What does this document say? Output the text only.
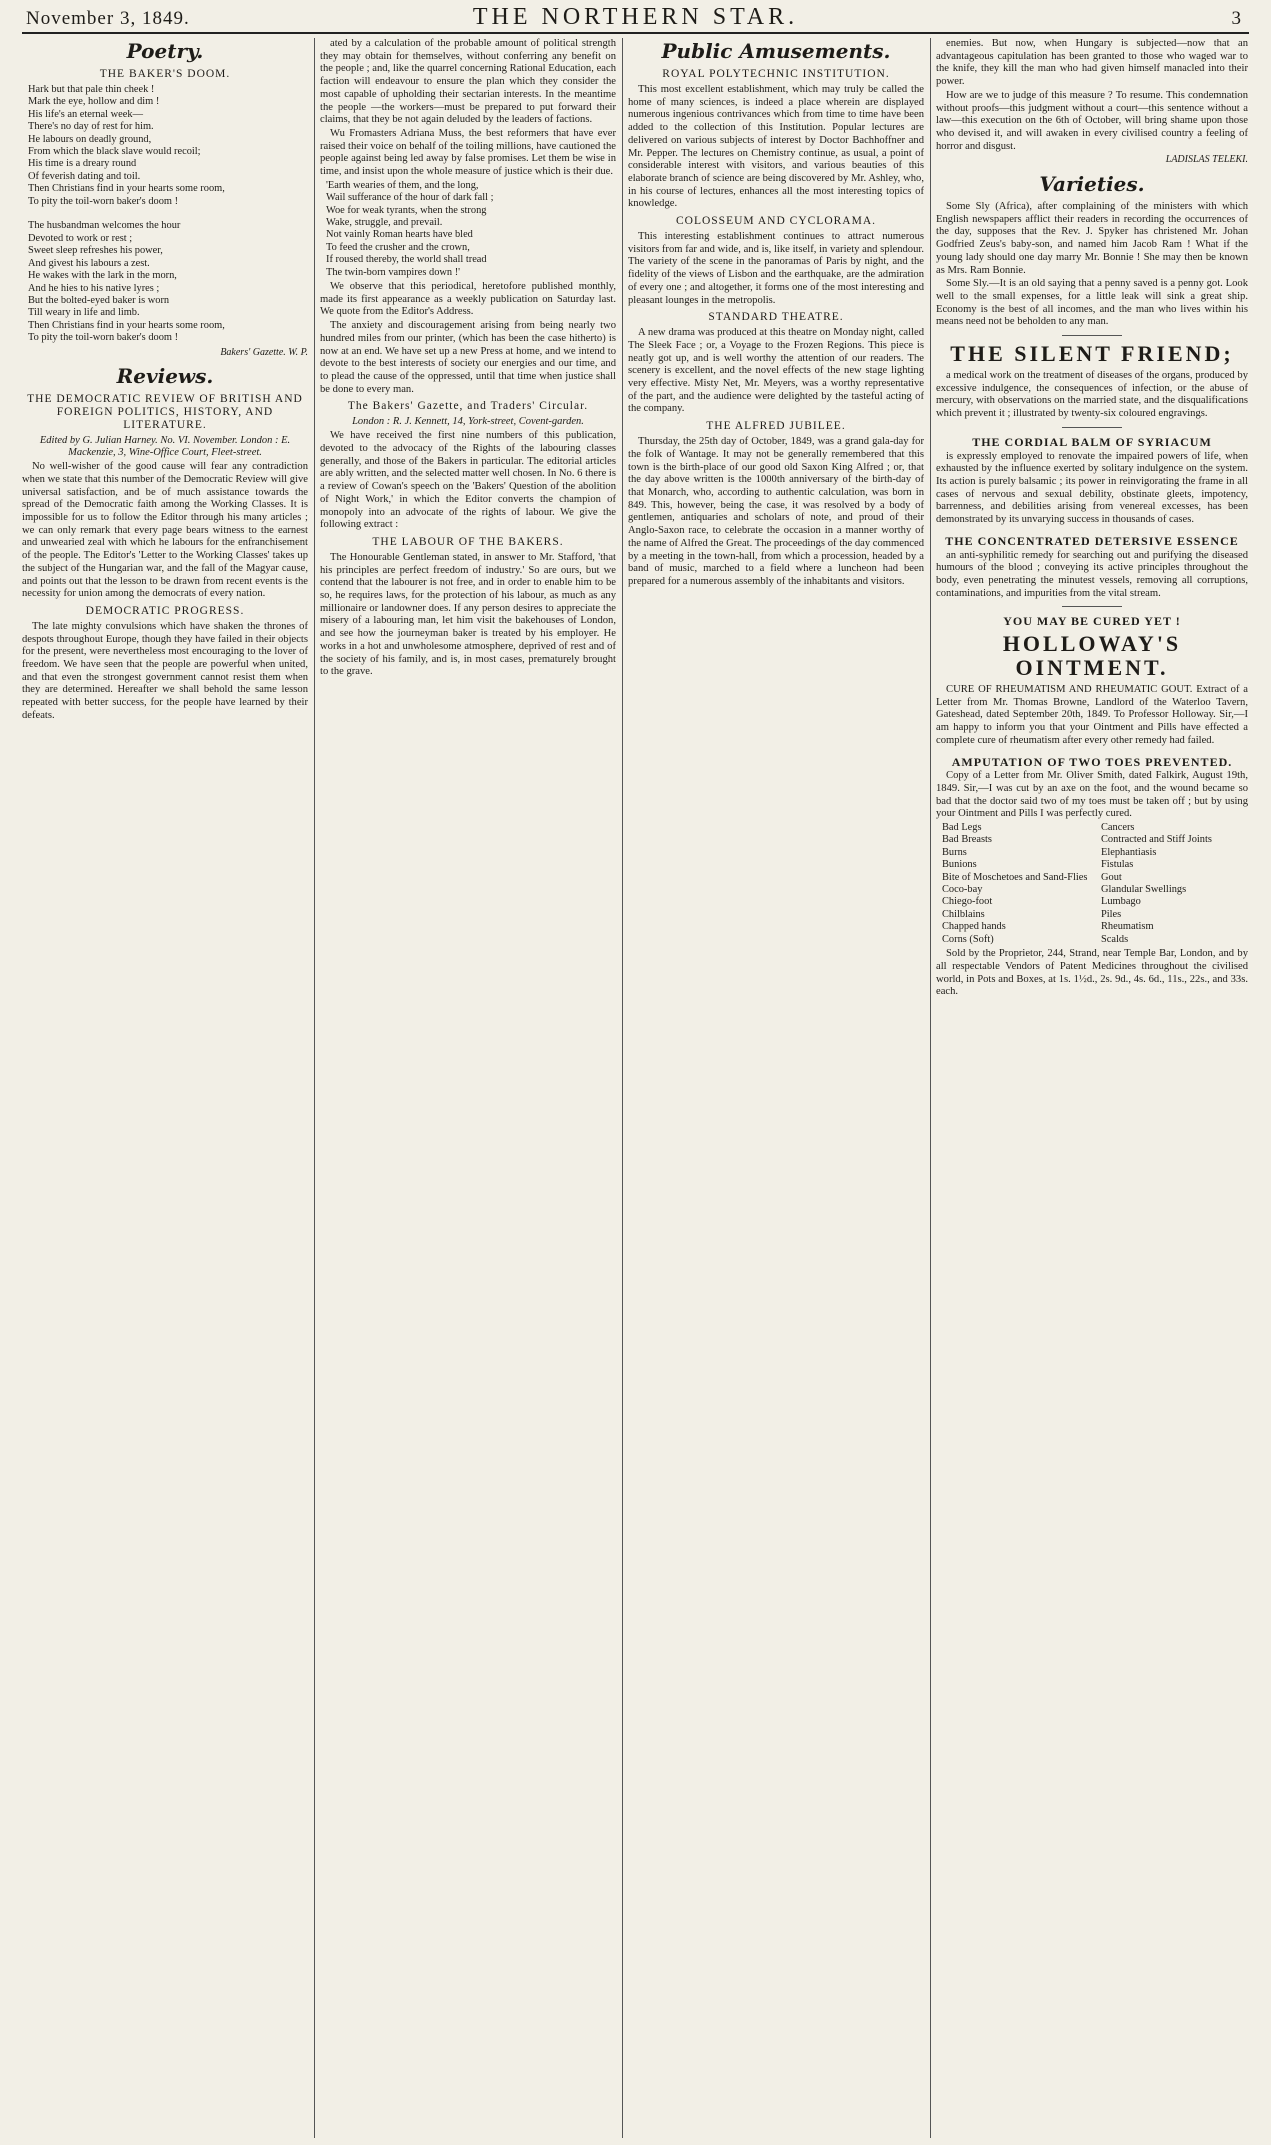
November 3, 1849.	THE NORTHERN STAR.	3
Poetry.
THE BAKER'S DOOM.
Hark but that pale thin cheek !
Mark the eye, hollow and dim !
His life's an eternal week—
There's no day of rest for him.
He labours on deadly ground,
From which the black slave would recoil;
His time is a dreary round
Of feverish dating and toil.
Then Christians find in your hearts some room,
To pity the toil-worn baker's doom !

The husbandman welcomes the hour
Devoted to work or rest ;
Sweet sleep refreshes his power,
And givest his labours a zest.
He wakes with the lark in the morn,
And he hies to his native lyres ;
But the bolted-eyed baker is worn
Till weary in life and limb.
Then Christians find in your hearts some room,
To pity the toil-worn baker's doom !
Bakers' Gazette. W. P.
Reviews.
THE DEMOCRATIC REVIEW OF BRITISH AND FOREIGN POLITICS, HISTORY, AND LITERATURE.
Edited by G. Julian Harney. No. VI. November. London : E. Mackenzie, 3, Wine-Office Court, Fleet-street.

No well-wisher of the good cause will fear any contradiction when we state that this number of the Democratic Review will give universal satisfaction, and be of much assistance towards the spread of the Democratic faith among the Working Classes. It is impossible for us to follow the Editor through his many articles ; we can only remark that every page bears witness to the earnest and unwearied zeal with which he labours for the enfranchisement of the people. The Editor's 'Letter to the Working Classes' takes up the subject of the Hungarian war, and the fall of the Magyar cause, and points out that the lesson to be drawn from recent events is the necessity for union among the democrats of every nation.

DEMOCRATIC PROGRESS.

The late mighty convulsions which have shaken the thrones of despots throughout Europe, though they have failed in their objects for the present, were nevertheless most encouraging to the lover of freedom. We have seen that the people are powerful when united, and that even the strongest government cannot resist them when they are determined. Hereafter we shall behold the same lesson repeated with better success, for the people have learned by their defeats.

ated by a calculation of the probable amount of political strength they may obtain for themselves, without conferring any benefit on the people ; and, like the quarrel concerning Rational Education, each faction will endeavour to ensure the plan which they consider the most capable of upholding their sectarian interests. In the meantime the people —the workers—must be prepared to put forward their claims, that they be not again deluded by the leaders of factions.

Wu Fromasters Adriana Muss, the best reformers that have ever raised their voice on behalf of the toiling millions, have cautioned the people against being led away by false promises. Let them be wise in time, and insist upon the whole measure of justice which is their due.

'Earth wearies of them, and the long,
Wail sufferance of the hour of dark fall ;
Woe for weak tyrants, when the strong
Wake, struggle, and prevail.
Not vainly Roman hearts have bled
To feed the crusher and the crown,
If roused thereby, the world shall tread
The twin-born vampires down !'

We observe that this periodical, heretofore published monthly, made its first appearance as a weekly publication on Saturday last. We quote from the Editor's Address.

The anxiety and discouragement arising from being nearly two hundred miles from our printer, (which has been the case hitherto) is now at an end. We have set up a new Press at home, and we intend to devote to the best interests of society our energies and our time, and to plead the cause of the oppressed, until that time when justice shall be done to every man.

The Bakers' Gazette, and Traders' Circular.
London : R. J. Kennett, 14, York-street, Covent-garden.

We have received the first nine numbers of this publication, devoted to the advocacy of the Rights of the labouring classes generally, and those of the Bakers in particular. The editorial articles are ably written, and the selected matter well chosen. In No. 6 there is a review of Cowan's speech on the 'Bakers' Question of the abolition of Night Work,' in which the Editor converts the champion of monopoly into an advocate of the rights of labour. We give the following extract :

THE LABOUR OF THE BAKERS.

The Honourable Gentleman stated, in answer to Mr. Stafford, 'that his principles are perfect freedom of industry.' So are ours, but we contend that the labourer is not free, and in order to enable him to be so, he requires laws, for the protection of his labour, as much as any millionaire or landowner does. If any person desires to appreciate the misery of a labouring man, let him visit the bakehouses of London, and see how the journeyman baker is treated by his employer. He works in a hot and unwholesome atmosphere, deprived of rest and of the society of his family, and is, in most cases, prematurely brought to the grave.

Public Amusements.
ROYAL POLYTECHNIC INSTITUTION.

This most excellent establishment, which may truly be called the home of many sciences, is indeed a place wherein are displayed numerous ingenious contrivances which from time to time have been added to the collection of this Institution. Popular lectures are delivered on various subjects of interest by Doctor Bachhoffner and Mr. Pepper. The lectures on Chemistry continue, as usual, a point of considerable interest with visitors, and various beauties of this elaborate branch of science are being discovered by Mr. Ashley, who, in his course of lectures, enhances all the most interesting topics of knowledge.

COLOSSEUM AND CYCLORAMA.

This interesting establishment continues to attract numerous visitors from far and wide, and is, like itself, in variety and splendour. The variety of the scene in the panoramas of Paris by night, and the fidelity of the views of Lisbon and the earthquake, are the admiration of every one ; and altogether, it forms one of the most interesting and pleasant lounges in the metropolis.

STANDARD THEATRE.

A new drama was produced at this theatre on Monday night, called The Sleek Face ; or, a Voyage to the Frozen Regions. This piece is neatly got up, and is well worthy the attention of our readers. The scenery is excellent, and the novel effects of the new stage lighting very effective. Misty Net, Mr. Meyers, was a worthy representative of the part, and the audience were delighted by the tasteful acting of the company.

THE ALFRED JUBILEE.

Thursday, the 25th day of October, 1849, was a grand gala-day for the folk of Wantage. It may not be generally remembered that this town is the birth-place of our good old Saxon King Alfred ; or, that the day above written is the 1000th anniversary of the birth-day of that Monarch, who, according to authentic calculation, was born in 849. This, however, being the case, it was resolved by a body of gentlemen, antiquaries and scholars of note, and proud of their Anglo-Saxon race, to celebrate the occasion in a manner worthy of the name of Alfred the Great. The proceedings of the day commenced by a meeting in the town-hall, from which a procession, headed by a band of music, marched to a field where a luncheon had been prepared for a numerous assembly of the inhabitants and visitors.

enemies. But now, when Hungary is subjected—now that an advantageous capitulation has been granted to those who waged war to the knife, they kill the man who had given himself manacled into their power.

How are we to judge of this measure ? To resume. This condemnation without proofs—this judgment without a court—this sentence without a law—this execution on the 6th of October, will bring shame upon those who devised it, and will awaken in every civilised country a feeling of horror and disgust.

LADISLAS TELEKI.
Varieties.

Some Sly (Africa), after complaining of the ministers with which English newspapers afflict their readers in recording the occurrences of the day, supposes that the Rev. J. Spyker has christened Mr. Johan Godfried Zeus's baby-son, and named him Jacob Ram ! What if the young lady should one day marry Mr. Bonnie ! She may then be known as Mrs. Ram Bonnie.

Some Sly.—It is an old saying that a penny saved is a penny got. Look well to the small expenses, for a little leak will sink a great ship. Economy is the best of all incomes, and the man who lives within his means need not be beholden to any man.

THE SILENT FRIEND;

a medical work on the treatment of diseases of the organs, produced by excessive indulgence, the consequences of infection, or the abuse of mercury, with observations on the married state, and the disqualifications which prevent it ; illustrated by twenty-six coloured engravings.

THE CORDIAL BALM OF SYRIACUM

is expressly employed to renovate the impaired powers of life, when exhausted by the influence exerted by solitary indulgence on the system. Its action is purely balsamic ; its power in reinvigorating the frame in all cases of nervous and sexual debility, obstinate gleets, impotency, barrenness, and debilities arising from venereal excesses, has been demonstrated by its unvarying success in thousands of cases.

THE CONCENTRATED DETERSIVE ESSENCE

an anti-syphilitic remedy for searching out and purifying the diseased humours of the blood ; conveying its active principles throughout the body, even penetrating the minutest vessels, removing all corruptions, contaminations, and impurities from the vital stream.

YOU MAY BE CURED YET !
HOLLOWAY'S OINTMENT.

CURE OF RHEUMATISM AND RHEUMATIC GOUT. Extract of a Letter from Mr. Thomas Browne, Landlord of the Waterloo Tavern, Gateshead, dated September 20th, 1849. To Professor Holloway. Sir,—I am happy to inform you that your Ointment and Pills have effected a complete cure of rheumatism after every other remedy had failed.

AMPUTATION OF TWO TOES PREVENTED.

Copy of a Letter from Mr. Oliver Smith, dated Falkirk, August 19th, 1849. Sir,—I was cut by an axe on the foot, and the wound became so bad that the doctor said two of my toes must be taken off ; but by using your Ointment and Pills I was perfectly cured.

Bad Legs
Bad Breasts
Burns
Bunions
Bite of Moschetoes and Sand-Flies
Coco-bay
Chiego-foot
Chilblains
Chapped hands
Corns (Soft)
Cancers
Contracted and Stiff Joints
Elephantiasis
Fistulas
Gout
Glandular Swellings
Lumbago
Piles
Rheumatism
Scalds

Sold by the Proprietor, 244, Strand, near Temple Bar, London, and by all respectable Vendors of Patent Medicines throughout the civilised world, in Pots and Boxes, at 1s. 1½d., 2s. 9d., 4s. 6d., 11s., 22s., and 33s. each.
